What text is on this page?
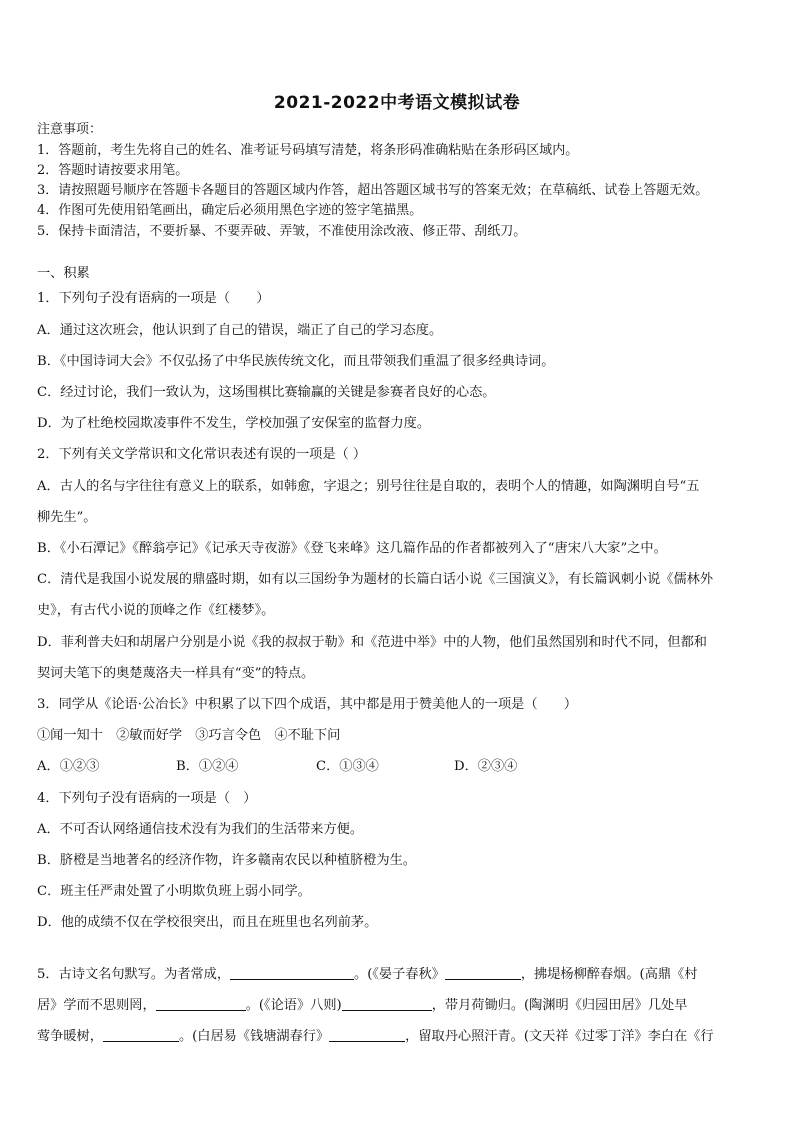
2021-2022中考语文模拟试卷
注意事项：
1．答题前，考生先将自己的姓名、准考证号码填写清楚，将条形码准确粘贴在条形码区域内。
2．答题时请按要求用笔。
3．请按照题号顺序在答题卡各题目的答题区域内作答，超出答题区域书写的答案无效；在草稿纸、试卷上答题无效。
4．作图可先使用铅笔画出，确定后必须用黑色字迹的签字笔描黑。
5．保持卡面清洁，不要折暴、不要弄破、弄皱，不准使用涂改液、修正带、刮纸刀。
一、积累
1．下列句子没有语病的一项是（　　）
A．通过这次班会，他认识到了自己的错误，端正了自己的学习态度。
B．《中国诗词大会》不仅弘扬了中华民族传统文化，而且带领我们重温了很多经典诗词。
C．经过讨论，我们一致认为，这场围棋比赛输赢的关键是参赛者良好的心态。
D．为了杜绝校园欺凌事件不发生，学校加强了安保室的监督力度。
2．下列有关文学常识和文化常识表述有误的一项是（ ）
A．古人的名与字往往有意义上的联系，如韩愈，字退之；别号往往是自取的，表明个人的情趣，如陶渊明自号“五
柳先生”。
B．《小石潭记》《醉翁亭记》《记承天寺夜游》《登飞来峰》这几篇作品的作者都被列入了“唐宋八大家”之中。
C．清代是我国小说发展的鼎盛时期，如有以三国纷争为题材的长篇白话小说《三国演义》，有长篇讽刺小说《儒林外
史》，有古代小说的顶峰之作《红楼梦》。
D．菲利普夫妇和胡屠户分别是小说《我的叔叔于勒》和《范进中举》中的人物，他们虽然国别和时代不同，但都和
契诃夫笔下的奥楚蔑洛夫一样具有“变”的特点。
3．同学从《论语·公冶长》中积累了以下四个成语，其中都是用于赞美他人的一项是（　　）
①闻一知十　②敏而好学　③巧言令色　④不耻下问
A．①②③	B．①②④	C．①③④	D．②③④
4．下列句子没有语病的一项是（　）
A．不可否认网络通信技术没有为我们的生活带来方便。
B．脐橙是当地著名的经济作物，许多赣南农民以种植脐橙为生。
C．班主任严肃处置了小明欺负班上弱小同学。
D．他的成绩不仅在学校很突出，而且在班里也名列前茅。
5．古诗文名句默写。为者常成，	。(《晏子春秋》	，拂堤杨柳醉春烟。(高鼎《村
居》学而不思则罔，	。(《论语》八则)	，带月荷锄归。(陶渊明《归园田居》几处早
莺争暖树，	。(白居易《钱塘湖春行》	，留取丹心照汗青。(文天祥《过零丁洋》李白在《行
